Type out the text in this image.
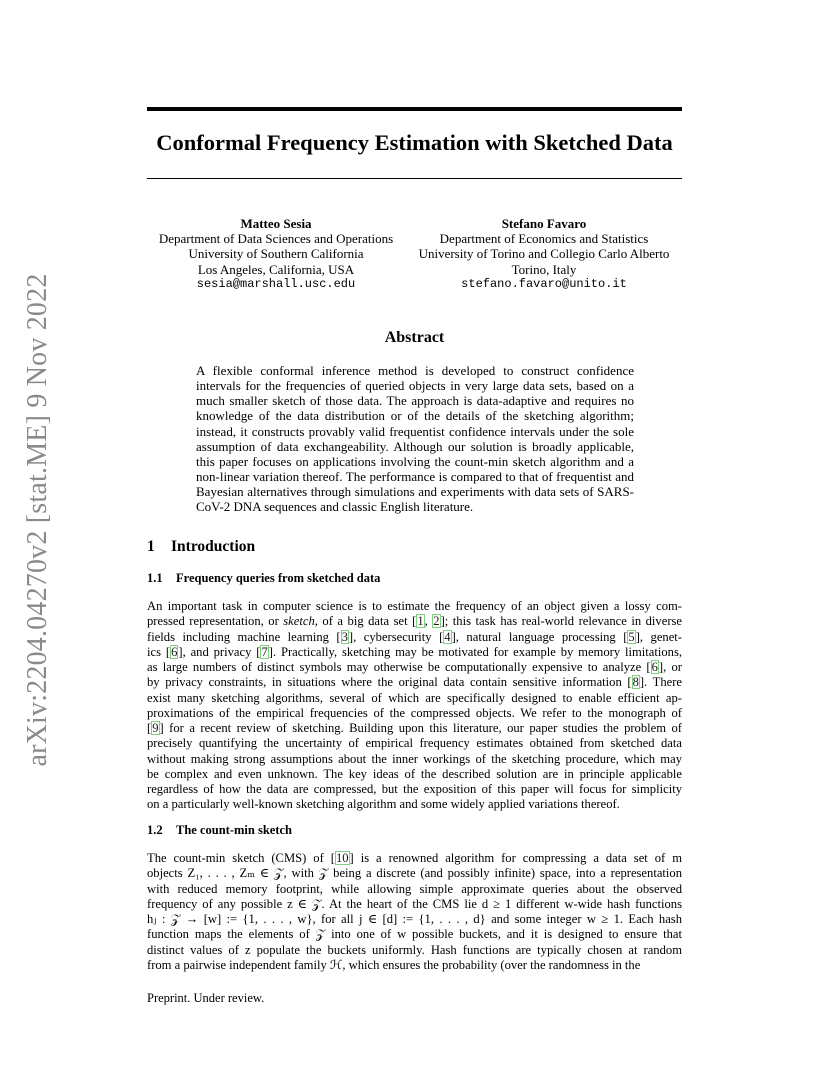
arXiv:2204.04270v2 [stat.ME] 9 Nov 2022
Conformal Frequency Estimation with Sketched Data
Matteo Sesia
Department of Data Sciences and Operations
University of Southern California
Los Angeles, California, USA
sesia@marshall.usc.edu
Stefano Favaro
Department of Economics and Statistics
University of Torino and Collegio Carlo Alberto
Torino, Italy
stefano.favaro@unito.it
Abstract
A flexible conformal inference method is developed to construct confidence intervals for the frequencies of queried objects in very large data sets, based on a much smaller sketch of those data. The approach is data-adaptive and requires no knowledge of the data distribution or of the details of the sketching algorithm; instead, it constructs provably valid frequentist confidence intervals under the sole assumption of data exchangeability. Although our solution is broadly applicable, this paper focuses on applications involving the count-min sketch algorithm and a non-linear variation thereof. The performance is compared to that of frequentist and Bayesian alternatives through simulations and experiments with data sets of SARS-CoV-2 DNA sequences and classic English literature.
1 Introduction
1.1 Frequency queries from sketched data
An important task in computer science is to estimate the frequency of an object given a lossy com-
pressed representation, or sketch, of a big data set [1, 2]; this task has real-world relevance in diverse
fields including machine learning [3], cybersecurity [4], natural language processing [5], genet-
ics [6], and privacy [7]. Practically, sketching may be motivated for example by memory limitations,
as large numbers of distinct symbols may otherwise be computationally expensive to analyze [6], or
by privacy constraints, in situations where the original data contain sensitive information [8]. There
exist many sketching algorithms, several of which are specifically designed to enable efficient ap-
proximations of the empirical frequencies of the compressed objects. We refer to the monograph of
[9] for a recent review of sketching. Building upon this literature, our paper studies the problem of
precisely quantifying the uncertainty of empirical frequency estimates obtained from sketched data
without making strong assumptions about the inner workings of the sketching procedure, which may
be complex and even unknown. The key ideas of the described solution are in principle applicable
regardless of how the data are compressed, but the exposition of this paper will focus for simplicity
on a particularly well-known sketching algorithm and some widely applied variations thereof.
1.2 The count-min sketch
The count-min sketch (CMS) of [10] is a renowned algorithm for compressing a data set of m
objects Z₁, . . . , Zₘ ∈ 𝒵, with 𝒵 being a discrete (and possibly infinite) space, into a representation
with reduced memory footprint, while allowing simple approximate queries about the observed
frequency of any possible z ∈ 𝒵. At the heart of the CMS lie d ≥ 1 different w-wide hash functions
hⱼ : 𝒵 → [w] := {1, . . . , w}, for all j ∈ [d] := {1, . . . , d} and some integer w ≥ 1. Each hash
function maps the elements of 𝒵 into one of w possible buckets, and it is designed to ensure that
distinct values of z populate the buckets uniformly. Hash functions are typically chosen at random
from a pairwise independent family ℋ, which ensures the probability (over the randomness in the
Preprint. Under review.
